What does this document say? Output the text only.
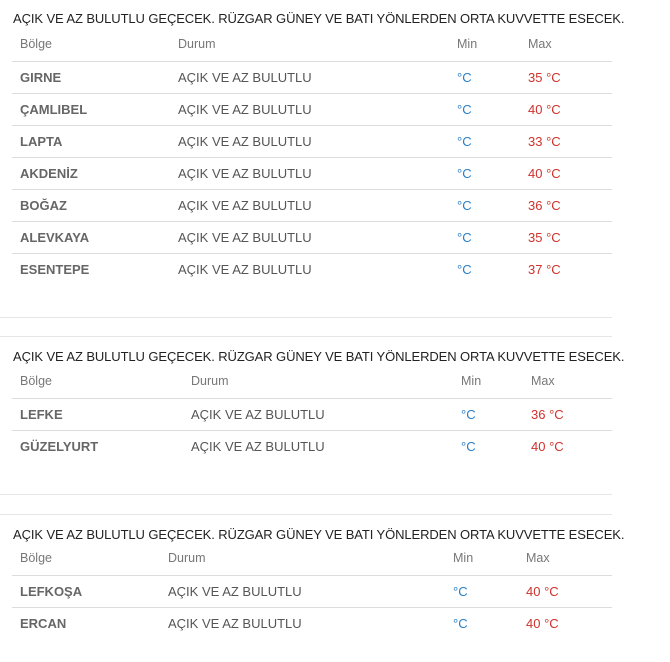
AÇIK VE AZ BULUTLU GEÇECEK. RÜZGAR GÜNEY VE BATI YÖNLERDEN ORTA KUVVETTE ESECEK.
Bölge	Durum	Min	Max
GIRNE	AÇIK VE AZ BULUTLU	°C	35 °C
ÇAMLIBEL	AÇIK VE AZ BULUTLU	°C	40 °C
LAPTA	AÇIK VE AZ BULUTLU	°C	33 °C
AKDENİZ	AÇIK VE AZ BULUTLU	°C	40 °C
BOĞAZ	AÇIK VE AZ BULUTLU	°C	36 °C
ALEVKAYA	AÇIK VE AZ BULUTLU	°C	35 °C
ESENTEPE	AÇIK VE AZ BULUTLU	°C	37 °C
AÇIK VE AZ BULUTLU GEÇECEK. RÜZGAR GÜNEY VE BATI YÖNLERDEN ORTA KUVVETTE ESECEK.
Bölge	Durum	Min	Max
LEFKE	AÇIK VE AZ BULUTLU	°C	36 °C
GÜZELYURT	AÇIK VE AZ BULUTLU	°C	40 °C
AÇIK VE AZ BULUTLU GEÇECEK. RÜZGAR GÜNEY VE BATI YÖNLERDEN ORTA KUVVETTE ESECEK.
Bölge	Durum	Min	Max
LEFKOŞA	AÇIK VE AZ BULUTLU	°C	40 °C
ERCAN	AÇIK VE AZ BULUTLU	°C	40 °C
